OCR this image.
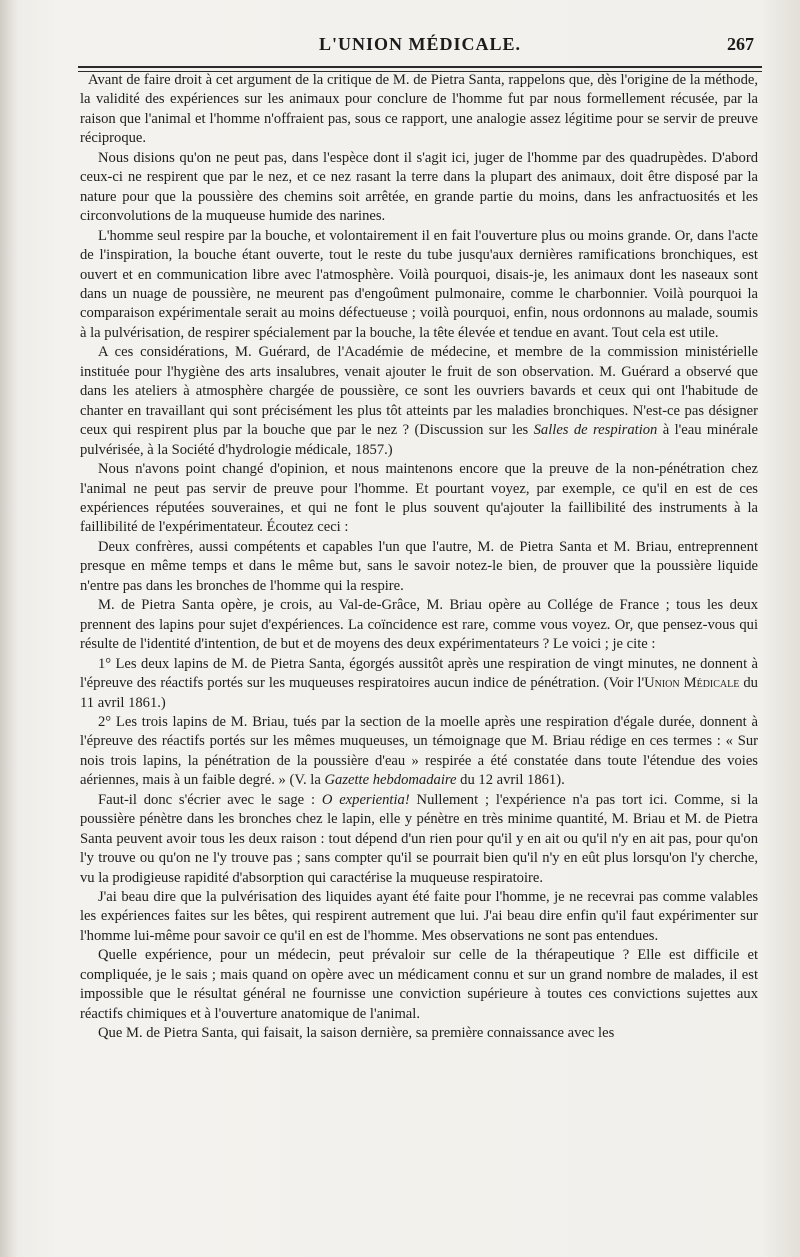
L'UNION MÉDICALE.	267

Avant de faire droit à cet argument de la critique de M. de Pietra Santa, rappelons que, dès l'origine de la méthode, la validité des expériences sur les animaux pour conclure de l'homme fut par nous formellement récusée, par la raison que l'animal et l'homme n'offraient pas, sous ce rapport, une analogie assez légitime pour se servir de preuve réciproque.

Nous disions qu'on ne peut pas, dans l'espèce dont il s'agit ici, juger de l'homme par des quadrupèdes. D'abord ceux-ci ne respirent que par le nez, et ce nez rasant la terre dans la plupart des animaux, doit être disposé par la nature pour que la poussière des chemins soit arrêtée, en grande partie du moins, dans les anfractuosités et les circonvolutions de la muqueuse humide des narines.

L'homme seul respire par la bouche, et volontairement il en fait l'ouverture plus ou moins grande. Or, dans l'acte de l'inspiration, la bouche étant ouverte, tout le reste du tube jusqu'aux dernières ramifications bronchiques, est ouvert et en communication libre avec l'atmosphère. Voilà pourquoi, disais-je, les animaux dont les naseaux sont dans un nuage de poussière, ne meurent pas d'engoûment pulmonaire, comme le charbonnier. Voilà pourquoi la comparaison expérimentale serait au moins défectueuse ; voilà pourquoi, enfin, nous ordonnons au malade, soumis à la pulvérisation, de respirer spécialement par la bouche, la tête élevée et tendue en avant. Tout cela est utile.

A ces considérations, M. Guérard, de l'Académie de médecine, et membre de la commission ministérielle instituée pour l'hygiène des arts insalubres, venait ajouter le fruit de son observation. M. Guérard a observé que dans les ateliers à atmosphère chargée de poussière, ce sont les ouvriers bavards et ceux qui ont l'habitude de chanter en travaillant qui sont précisément les plus tôt atteints par les maladies bronchiques. N'est-ce pas désigner ceux qui respirent plus par la bouche que par le nez ? (Discussion sur les Salles de respiration à l'eau minérale pulvérisée, à la Société d'hydrologie médicale, 1857.)

Nous n'avons point changé d'opinion, et nous maintenons encore que la preuve de la non-pénétration chez l'animal ne peut pas servir de preuve pour l'homme. Et pourtant voyez, par exemple, ce qu'il en est de ces expériences réputées souveraines, et qui ne font le plus souvent qu'ajouter la faillibilité des instruments à la faillibilité de l'expérimentateur. Écoutez ceci :

Deux confrères, aussi compétents et capables l'un que l'autre, M. de Pietra Santa et M. Briau, entreprennent presque en même temps et dans le même but, sans le savoir notez-le bien, de prouver que la poussière liquide n'entre pas dans les bronches de l'homme qui la respire.

M. de Pietra Santa opère, je crois, au Val-de-Grâce, M. Briau opère au Collége de France ; tous les deux prennent des lapins pour sujet d'expériences. La coïncidence est rare, comme vous voyez. Or, que pensez-vous qui résulte de l'identité d'intention, de but et de moyens des deux expérimentateurs ? Le voici ; je cite :

1° Les deux lapins de M. de Pietra Santa, égorgés aussitôt après une respiration de vingt minutes, ne donnent à l'épreuve des réactifs portés sur les muqueuses respiratoires aucun indice de pénétration. (Voir l'Union Médicale du 11 avril 1861.)

2° Les trois lapins de M. Briau, tués par la section de la moelle après une respiration d'égale durée, donnent à l'épreuve des réactifs portés sur les mêmes muqueuses, un témoignage que M. Briau rédige en ces termes : « Sur nois trois lapins, la pénétration de la poussière d'eau » respirée a été constatée dans toute l'étendue des voies aériennes, mais à un faible degré. » (V. la Gazette hebdomadaire du 12 avril 1861).

Faut-il donc s'écrier avec le sage : O experientia! Nullement ; l'expérience n'a pas tort ici. Comme, si la poussière pénètre dans les bronches chez le lapin, elle y pénètre en très minime quantité, M. Briau et M. de Pietra Santa peuvent avoir tous les deux raison : tout dépend d'un rien pour qu'il y en ait ou qu'il n'y en ait pas, pour qu'on l'y trouve ou qu'on ne l'y trouve pas ; sans compter qu'il se pourrait bien qu'il n'y en eût plus lorsqu'on l'y cherche, vu la prodigieuse rapidité d'absorption qui caractérise la muqueuse respiratoire.

J'ai beau dire que la pulvérisation des liquides ayant été faite pour l'homme, je ne recevrai pas comme valables les expériences faites sur les bêtes, qui respirent autrement que lui. J'ai beau dire enfin qu'il faut expérimenter sur l'homme lui-même pour savoir ce qu'il en est de l'homme. Mes observations ne sont pas entendues.

Quelle expérience, pour un médecin, peut prévaloir sur celle de la thérapeutique ? Elle est difficile et compliquée, je le sais ; mais quand on opère avec un médicament connu et sur un grand nombre de malades, il est impossible que le résultat général ne fournisse une conviction supérieure à toutes ces convictions sujettes aux réactifs chimiques et à l'ouverture anatomique de l'animal.

Que M. de Pietra Santa, qui faisait, la saison dernière, sa première connaissance avec les
